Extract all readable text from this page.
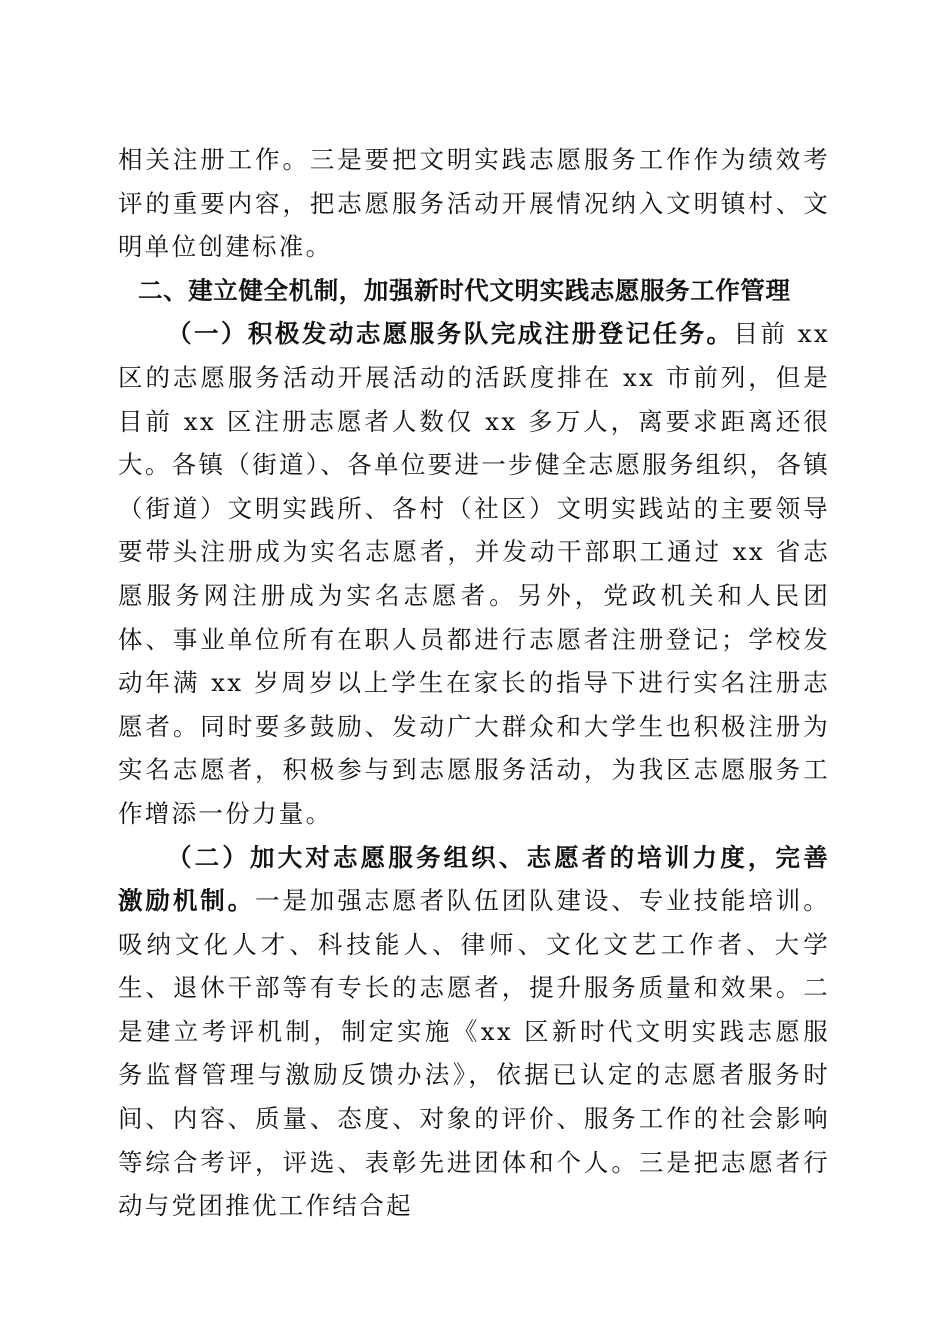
相关注册工作。三是要把文明实践志愿服务工作作为绩效考评的重要内容，把志愿服务活动开展情况纳入文明镇村、文明单位创建标准。

二、建立健全机制，加强新时代文明实践志愿服务工作管理

（一）积极发动志愿服务队完成注册登记任务。目前 xx 区的志愿服务活动开展活动的活跃度排在 xx 市前列，但是目前 xx 区注册志愿者人数仅 xx 多万人，离要求距离还很大。各镇（街道）、各单位要进一步健全志愿服务组织，各镇（街道）文明实践所、各村（社区）文明实践站的主要领导要带头注册成为实名志愿者，并发动干部职工通过 xx 省志愿服务网注册成为实名志愿者。另外，党政机关和人民团体、事业单位所有在职人员都进行志愿者注册登记；学校发动年满 xx 岁周岁以上学生在家长的指导下进行实名注册志愿者。同时要多鼓励、发动广大群众和大学生也积极注册为实名志愿者，积极参与到志愿服务活动，为我区志愿服务工作增添一份力量。

（二）加大对志愿服务组织、志愿者的培训力度，完善激励机制。一是加强志愿者队伍团队建设、专业技能培训。吸纳文化人才、科技能人、律师、文化文艺工作者、大学生、退休干部等有专长的志愿者，提升服务质量和效果。二是建立考评机制，制定实施《xx 区新时代文明实践志愿服务监督管理与激励反馈办法》，依据已认定的志愿者服务时间、内容、质量、态度、对象的评价、服务工作的社会影响等综合考评，评选、表彰先进团体和个人。三是把志愿者行动与党团推优工作结合起
